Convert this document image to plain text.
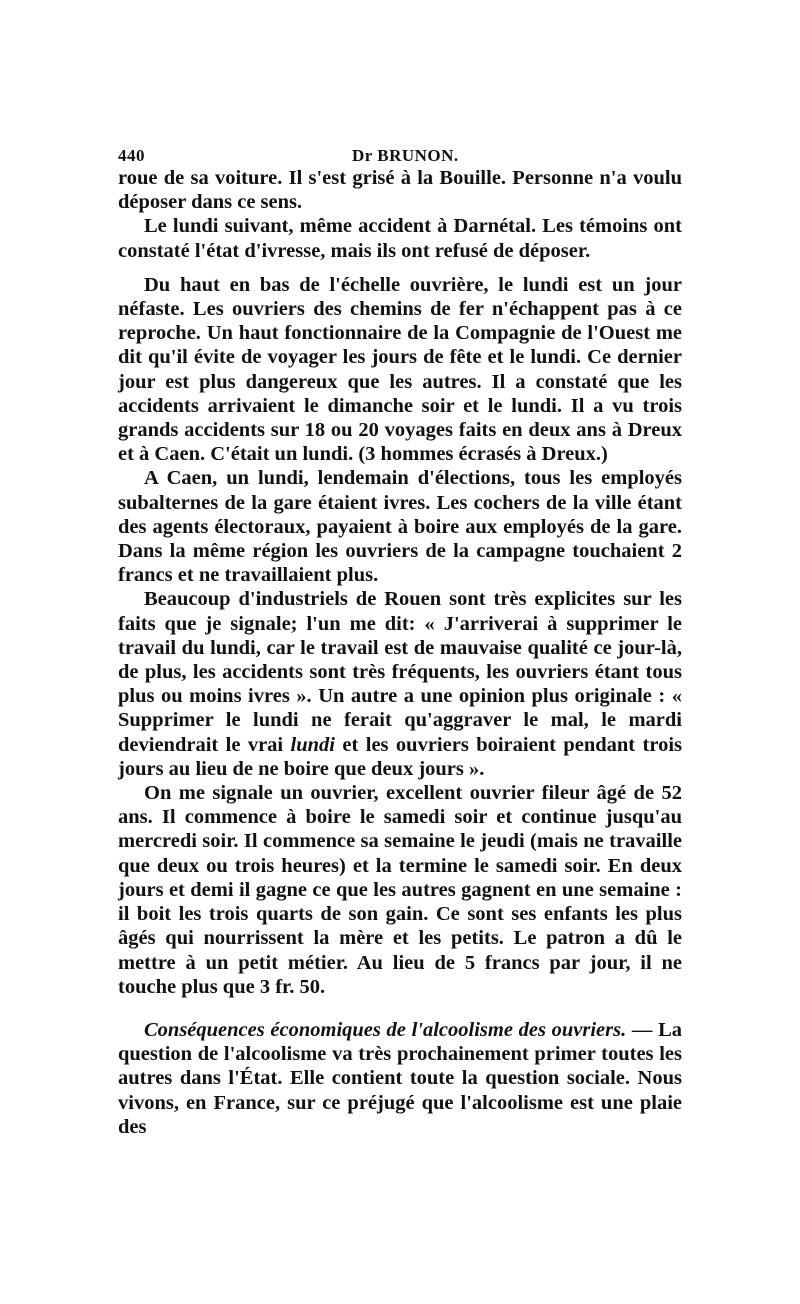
440	Dr BRUNON.

roue de sa voiture. Il s'est grisé à la Bouille. Personne n'a voulu déposer dans ce sens.

Le lundi suivant, même accident à Darnétal. Les témoins ont constaté l'état d'ivresse, mais ils ont refusé de déposer.

Du haut en bas de l'échelle ouvrière, le lundi est un jour néfaste. Les ouvriers des chemins de fer n'échappent pas à ce reproche. Un haut fonctionnaire de la Compagnie de l'Ouest me dit qu'il évite de voyager les jours de fête et le lundi. Ce dernier jour est plus dangereux que les autres. Il a constaté que les accidents arrivaient le dimanche soir et le lundi. Il a vu trois grands accidents sur 18 ou 20 voyages faits en deux ans à Dreux et à Caen. C'était un lundi. (3 hommes écrasés à Dreux.)

A Caen, un lundi, lendemain d'élections, tous les employés subalternes de la gare étaient ivres. Les cochers de la ville étant des agents électoraux, payaient à boire aux employés de la gare. Dans la même région les ouvriers de la campagne touchaient 2 francs et ne travaillaient plus.

Beaucoup d'industriels de Rouen sont très explicites sur les faits que je signale; l'un me dit: « J'arriverai à supprimer le travail du lundi, car le travail est de mauvaise qualité ce jour-là, de plus, les accidents sont très fréquents, les ouvriers étant tous plus ou moins ivres ». Un autre a une opinion plus originale : « Supprimer le lundi ne ferait qu'aggraver le mal, le mardi deviendrait le vrai lundi et les ouvriers boiraient pendant trois jours au lieu de ne boire que deux jours ».

On me signale un ouvrier, excellent ouvrier fileur âgé de 52 ans. Il commence à boire le samedi soir et continue jusqu'au mercredi soir. Il commence sa semaine le jeudi (mais ne travaille que deux ou trois heures) et la termine le samedi soir. En deux jours et demi il gagne ce que les autres gagnent en une semaine : il boit les trois quarts de son gain. Ce sont ses enfants les plus âgés qui nourrissent la mère et les petits. Le patron a dû le mettre à un petit métier. Au lieu de 5 francs par jour, il ne touche plus que 3 fr. 50.

Conséquences économiques de l'alcoolisme des ouvriers. — La question de l'alcoolisme va très prochainement primer toutes les autres dans l'État. Elle contient toute la question sociale. Nous vivons, en France, sur ce préjugé que l'alcoolisme est une plaie des
